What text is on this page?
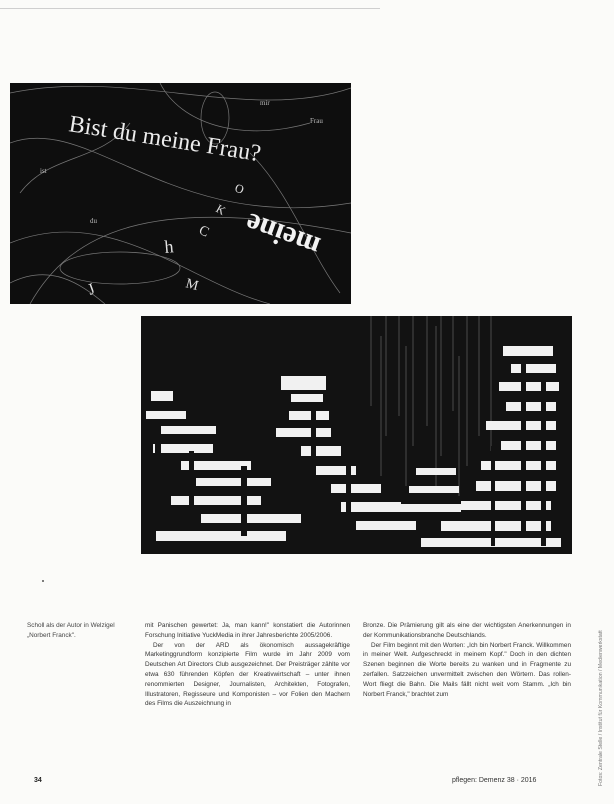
Frau
mir
ist
du
Bist du meine Frau?
O
K
C
h
M
J
meine
Scholl als der Autor in Welzigel „Norbert Franck".

mit Panischen gewertet: Ja, man kann!" konstatiert die Autorinnen Forschung Initiative YuckMedia in ihrer Jahresberichte 2005/2006.

Der von der ARD als ökonomisch aussagekräftige Marketinggrundform konzipierte Film wurde im Jahr 2009 vom Deutschen Art Directors Club ausgezeichnet. Der Preisträger zählte vor etwa 630 führenden Köpfen der Kreativwirtschaft – unter ihnen renommierten Designer, Journalisten, Architekten, Fotografen, Illustratoren, Regisseure und Komponisten – vor Folien den Machern des Films die Auszeichnung in

Bronze. Die Prämierung gilt als eine der wichtigsten Anerkennungen in der Kommunikationsbranche Deutschlands.

Der Film beginnt mit den Worten: „Ich bin Norbert Franck. Willkommen in meiner Welt. Aufgeschreckt in meinem Kopf." Doch in den dichten Szenen beginnen die Worte bereits zu wanken und in Fragmente zu zerfallen. Satzzeichen unvermittelt zwischen den Wörtern. Das rollen-Wort fliegt die Bahn. Die Mails fällt nicht weit vom Stamm. „Ich bin Norbert Franck," brachtet zum	Fotos: Zentrale Stelle / Institut für Kommunikation / Medienwerkstatt
34	pflegen: Demenz 38 · 2016
